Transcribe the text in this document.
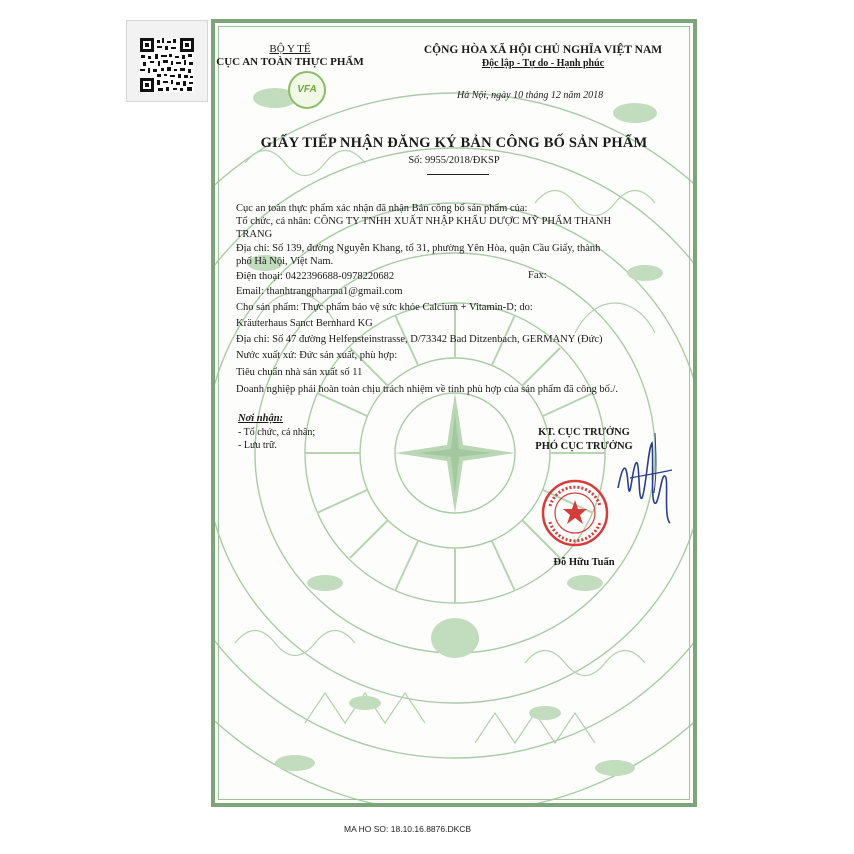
BỘ Y TẾ
CỤC AN TOÀN THỰC PHẨM
VFA
CỘNG HÒA XÃ HỘI CHỦ NGHĨA VIỆT NAM
Độc lập - Tự do - Hạnh phúc
Hà Nội, ngày 10 tháng 12 năm 2018
GIẤY TIẾP NHẬN ĐĂNG KÝ BẢN CÔNG BỐ SẢN PHẨM
Số: 9955/2018/ĐKSP
Cục an toàn thực phẩm xác nhận đã nhận Bản công bố sản phẩm của:
Tổ chức, cá nhân: CÔNG TY TNHH XUẤT NHẬP KHẨU DƯỢC MỸ PHẨM THANH
TRANG
Địa chỉ: Số 139, đường Nguyễn Khang, tổ 31, phường Yên Hòa, quận Cầu Giấy, thành
phố Hà Nội, Việt Nam.
Điện thoại: 0422396688-0978220682	Fax:
Email: thanhtrangpharma1@gmail.com
Cho sản phẩm: Thực phẩm bảo vệ sức khỏe Calcium + Vitamin-D; do:
Kräuterhaus Sanct Bernhard KG
Địa chỉ: Số 47 đường Helfensteinstrasse, D/73342 Bad Ditzenbach, GERMANY (Đức)
Nước xuất xứ: Đức sản xuất, phù hợp:
Tiêu chuẩn nhà sản xuất số 11
Doanh nghiệp phải hoàn toàn chịu trách nhiệm về tính phù hợp của sản phẩm đã công bố./.
Nơi nhận:
- Tổ chức, cá nhân;
- Lưu trữ.
KT. CỤC TRƯỞNG
PHÓ CỤC TRƯỞNG
Đỗ Hữu Tuấn
MA HO SO: 18.10.16.8876.DKCB
